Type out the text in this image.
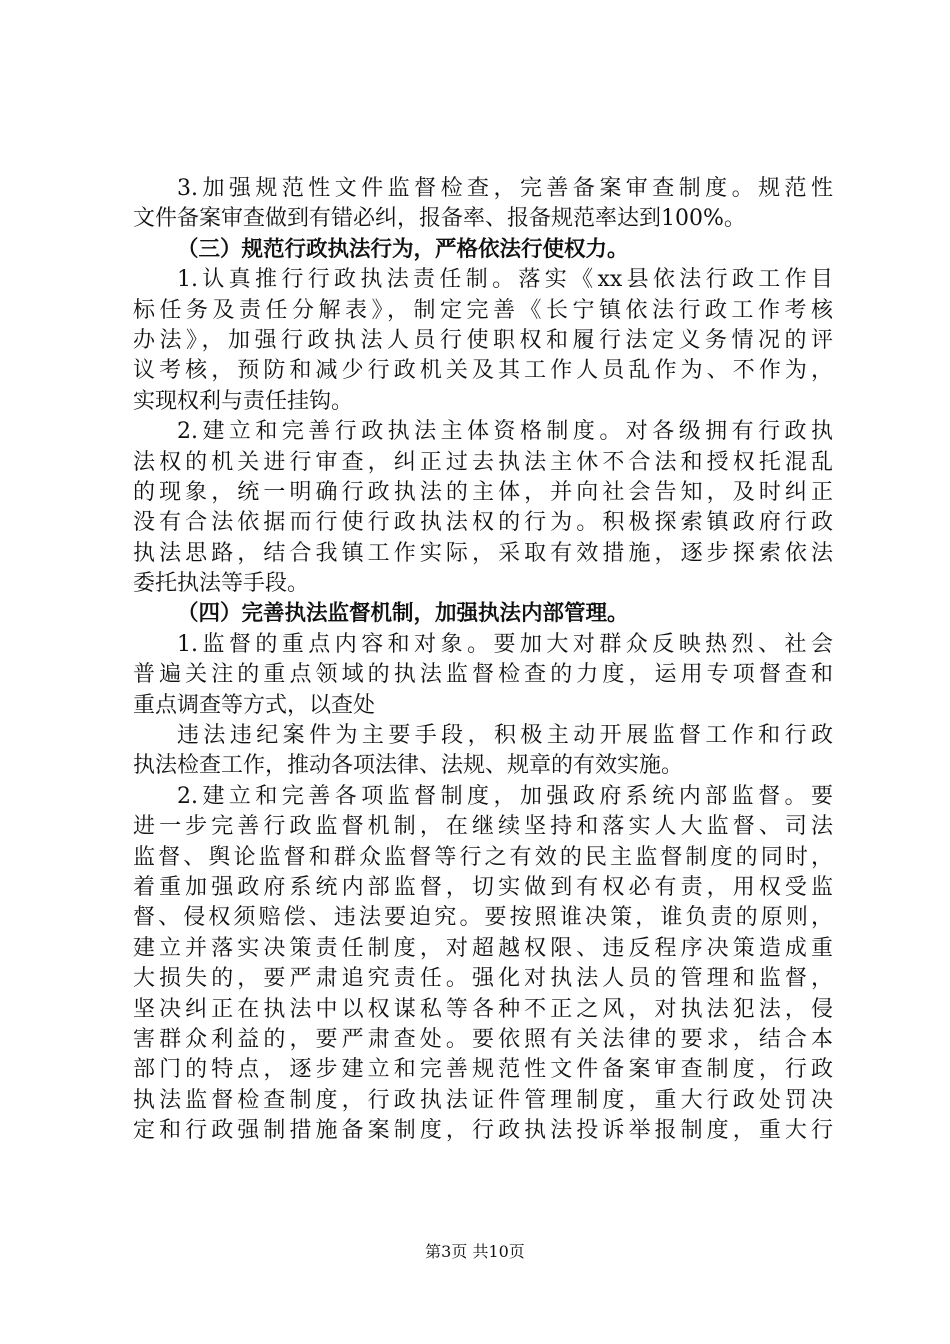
3.加强规范性文件监督检查，完善备案审查制度。规范性
文件备案审查做到有错必纠，报备率、报备规范率达到100%。
（三）规范行政执法行为，严格依法行使权力。
1.认真推行行政执法责任制。落实《xx县依法行政工作目
标任务及责任分解表》，制定完善《长宁镇依法行政工作考核
办法》，加强行政执法人员行使职权和履行法定义务情况的评
议考核，预防和减少行政机关及其工作人员乱作为、不作为，
实现权利与责任挂钩。
2.建立和完善行政执法主体资格制度。对各级拥有行政执
法权的机关进行审查，纠正过去执法主休不合法和授权托混乱
的现象，统一明确行政执法的主体，并向社会告知，及时纠正
没有合法依据而行使行政执法权的行为。积极探索镇政府行政
执法思路，结合我镇工作实际，采取有效措施，逐步探索依法
委托执法等手段。
（四）完善执法监督机制，加强执法内部管理。
1.监督的重点内容和对象。要加大对群众反映热烈、社会
普遍关注的重点领域的执法监督检查的力度，运用专项督查和
重点调查等方式，以查处
违法违纪案件为主要手段，积极主动开展监督工作和行政
执法检查工作，推动各项法律、法规、规章的有效实施。
2.建立和完善各项监督制度，加强政府系统内部监督。要
进一步完善行政监督机制，在继续坚持和落实人大监督、司法
监督、舆论监督和群众监督等行之有效的民主监督制度的同时，
着重加强政府系统内部监督，切实做到有权必有责，用权受监
督、侵权须赔偿、违法要迫究。要按照谁决策，谁负责的原则，
建立并落实决策责任制度，对超越权限、违反程序决策造成重
大损失的，要严肃追究责任。强化对执法人员的管理和监督，
坚决纠正在执法中以权谋私等各种不正之风，对执法犯法，侵
害群众利益的，要严肃查处。要依照有关法律的要求，结合本
部门的特点，逐步建立和完善规范性文件备案审查制度，行政
执法监督检查制度，行政执法证件管理制度，重大行政处罚决
定和行政强制措施备案制度，行政执法投诉举报制度，重大行
第3页 共10页
